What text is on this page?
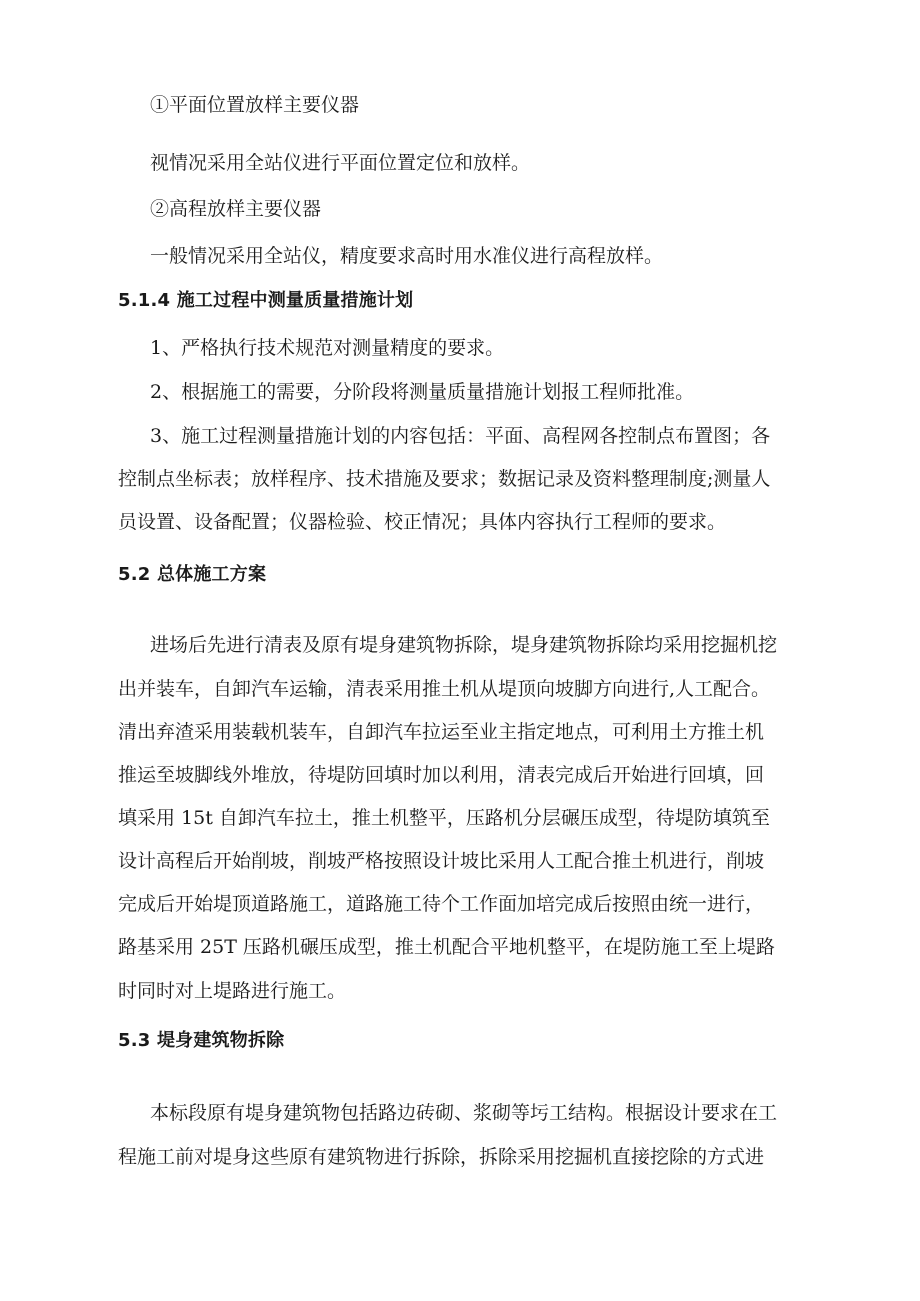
①平面位置放样主要仪器
视情况采用全站仪进行平面位置定位和放样。
②高程放样主要仪器
一般情况采用全站仪，精度要求高时用水准仪进行高程放样。
5.1.4 施工过程中测量质量措施计划
1、严格执行技术规范对测量精度的要求。
2、根据施工的需要，分阶段将测量质量措施计划报工程师批准。
3、施工过程测量措施计划的内容包括：平面、高程网各控制点布置图；各
控制点坐标表；放样程序、技术措施及要求；数据记录及资料整理制度;测量人
员设置、设备配置；仪器检验、校正情况；具体内容执行工程师的要求。
5.2 总体施工方案
进场后先进行清表及原有堤身建筑物拆除，堤身建筑物拆除均采用挖掘机挖
出并装车，自卸汽车运输，清表采用推土机从堤顶向坡脚方向进行,人工配合。
清出弃渣采用装载机装车，自卸汽车拉运至业主指定地点，可利用土方推土机
推运至坡脚线外堆放，待堤防回填时加以利用，清表完成后开始进行回填，回
填采用 15t 自卸汽车拉土，推土机整平，压路机分层碾压成型，待堤防填筑至
设计高程后开始削坡，削坡严格按照设计坡比采用人工配合推土机进行，削坡
完成后开始堤顶道路施工，道路施工待个工作面加培完成后按照由统一进行，
路基采用 25T 压路机碾压成型，推土机配合平地机整平，在堤防施工至上堤路
时同时对上堤路进行施工。
5.3 堤身建筑物拆除
本标段原有堤身建筑物包括路边砖砌、浆砌等圬工结构。根据设计要求在工
程施工前对堤身这些原有建筑物进行拆除，拆除采用挖掘机直接挖除的方式进
